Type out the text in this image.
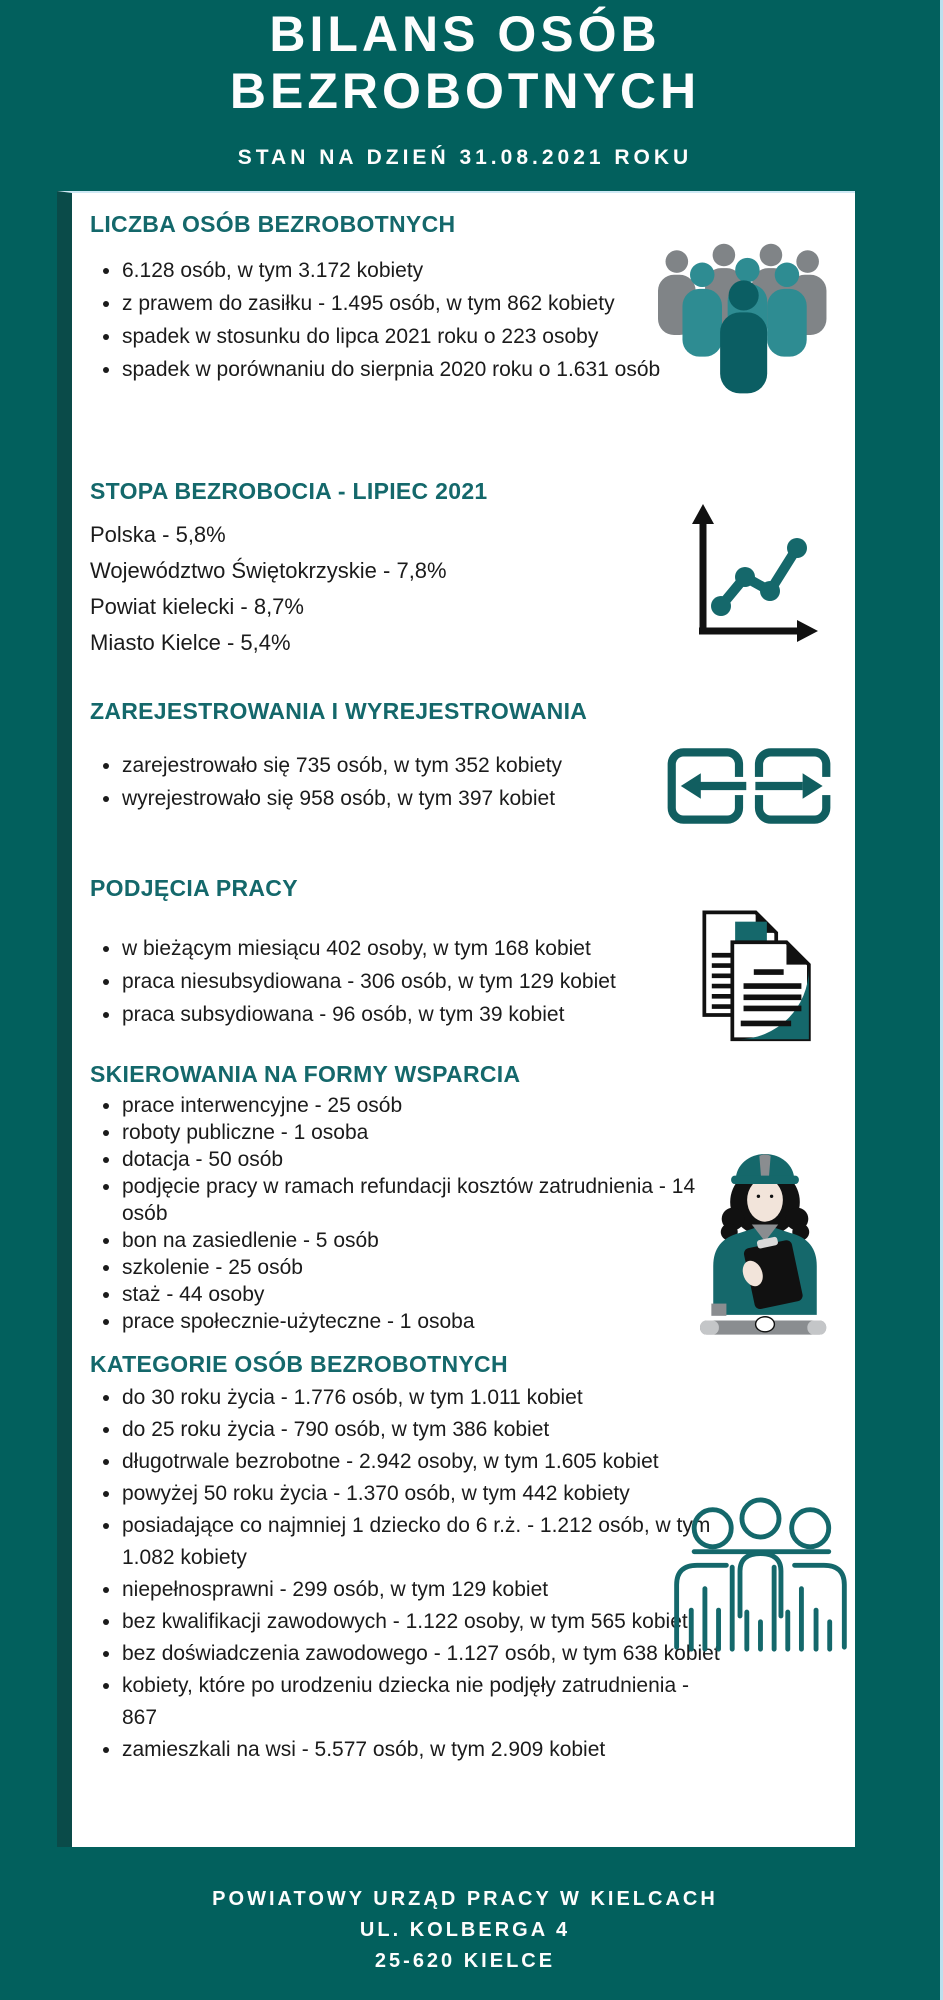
BILANS OSÓB
BEZROBOTNYCH
STAN NA DZIEŃ 31.08.2021 ROKU
LICZBA OSÓB BEZROBOTNYCH
• 6.128 osób, w tym 3.172 kobiety
• z prawem do zasiłku - 1.495 osób, w tym 862 kobiety
• spadek w stosunku do lipca 2021 roku o 223 osoby
• spadek w porównaniu do sierpnia 2020 roku o 1.631 osób
STOPA BEZROBOCIA - LIPIEC 2021
Polska - 5,8%
Województwo Świętokrzyskie - 7,8%
Powiat kielecki - 8,7%
Miasto Kielce - 5,4%
ZAREJESTROWANIA I WYREJESTROWANIA
• zarejestrowało się 735 osób, w tym 352 kobiety
• wyrejestrowało się 958 osób, w tym 397 kobiet
PODJĘCIA PRACY
• w bieżącym miesiącu 402 osoby, w tym 168 kobiet
• praca niesubsydiowana - 306 osób, w tym 129 kobiet
• praca subsydiowana - 96 osób, w tym 39 kobiet
SKIEROWANIA NA FORMY WSPARCIA
• prace interwencyjne - 25 osób
• roboty publiczne - 1 osoba
• dotacja - 50 osób
• podjęcie pracy w ramach refundacji kosztów zatrudnienia - 14 osób
• bon na zasiedlenie - 5 osób
• szkolenie - 25 osób
• staż - 44 osoby
• prace społecznie-użyteczne - 1 osoba
KATEGORIE OSÓB BEZROBOTNYCH
• do 30 roku życia - 1.776 osób, w tym 1.011 kobiet
• do 25 roku życia - 790 osób, w tym 386 kobiet
• długotrwale bezrobotne - 2.942 osoby, w tym 1.605 kobiet
• powyżej 50 roku życia - 1.370 osób, w tym 442 kobiety
• posiadające co najmniej 1 dziecko do 6 r.ż. - 1.212 osób, w tym 1.082 kobiety
• niepełnosprawni - 299 osób, w tym 129 kobiet
• bez kwalifikacji zawodowych - 1.122 osoby, w tym 565 kobiet
• bez doświadczenia zawodowego - 1.127 osób, w tym 638 kobiet
• kobiety, które po urodzeniu dziecka nie podjęły zatrudnienia - 867
• zamieszkali na wsi - 5.577 osób, w tym 2.909 kobiet
POWIATOWY URZĄD PRACY W KIELCACH
UL. KOLBERGA 4
25-620 KIELCE
